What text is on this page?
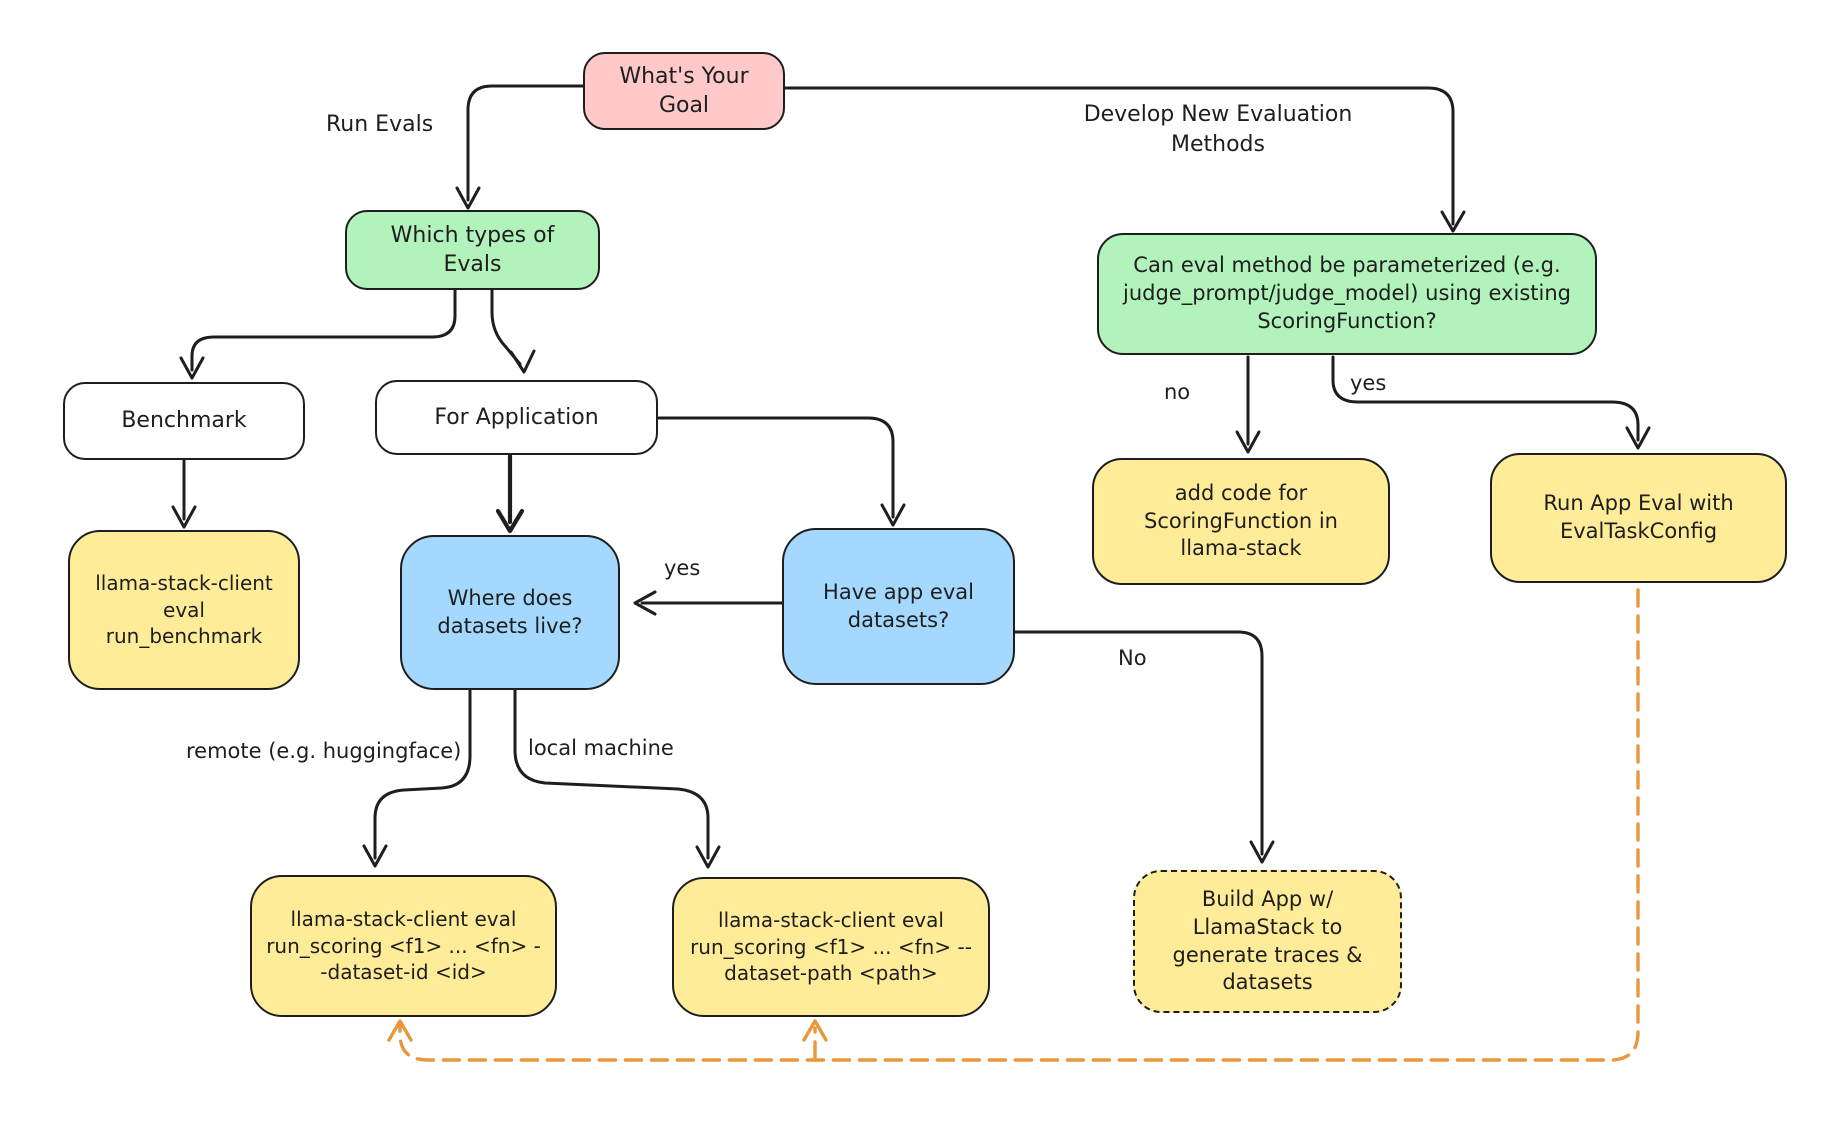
What's Your Goal
Which types of Evals
Benchmark	For Application
llama-stack-client eval run_benchmark
Where does datasets live?
Have app eval datasets?
Can eval method be parameterized (e.g. judge_prompt/judge_model) using existing ScoringFunction?
add code for ScoringFunction in llama-stack
Run App Eval with EvalTaskConfig
Build App w/ LlamaStack to generate traces & datasets
llama-stack-client eval run_scoring <f1> ... <fn> --dataset-id <id>
llama-stack-client eval run_scoring <f1> ... <fn> --dataset-path <path>
Run Evals	Develop New Evaluation Methods
yes
No
remote (e.g. huggingface)	local machine
no	yes
